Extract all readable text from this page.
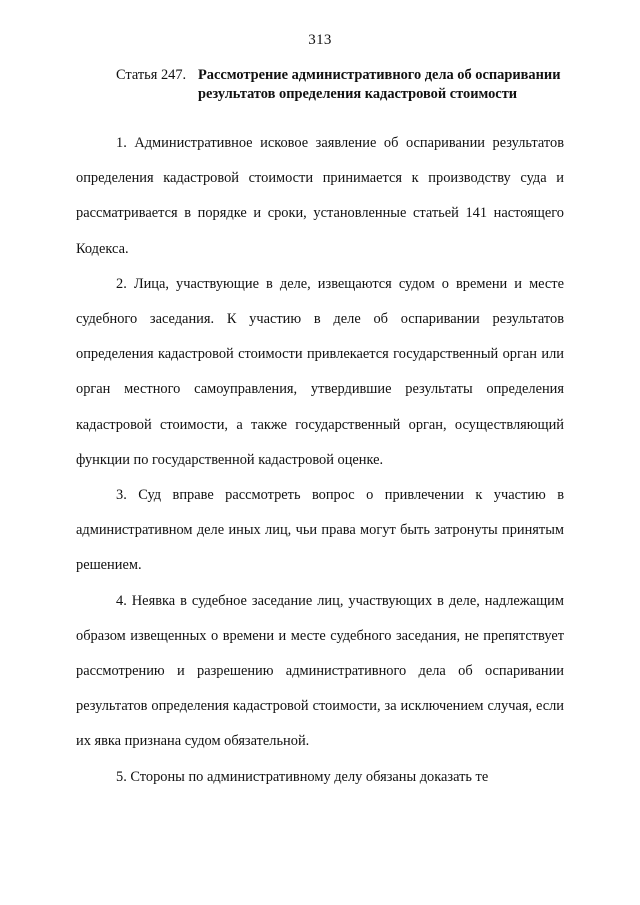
313
Статья 247. Рассмотрение административного дела об оспаривании результатов определения кадастровой стоимости

1. Административное исковое заявление об оспаривании результатов определения кадастровой стоимости принимается к производству суда и рассматривается в порядке и сроки, установленные статьей 141 настоящего Кодекса.

2. Лица, участвующие в деле, извещаются судом о времени и месте судебного заседания. К участию в деле об оспаривании результатов определения кадастровой стоимости привлекается государственный орган или орган местного самоуправления, утвердившие результаты определения кадастровой стоимости, а также государственный орган, осуществляющий функции по государственной кадастровой оценке.

3. Суд вправе рассмотреть вопрос о привлечении к участию в административном деле иных лиц, чьи права могут быть затронуты принятым решением.

4. Неявка в судебное заседание лиц, участвующих в деле, надлежащим образом извещенных о времени и месте судебного заседания, не препятствует рассмотрению и разрешению административного дела об оспаривании результатов определения кадастровой стоимости, за исключением случая, если их явка признана судом обязательной.

5. Стороны по административному делу обязаны доказать те
